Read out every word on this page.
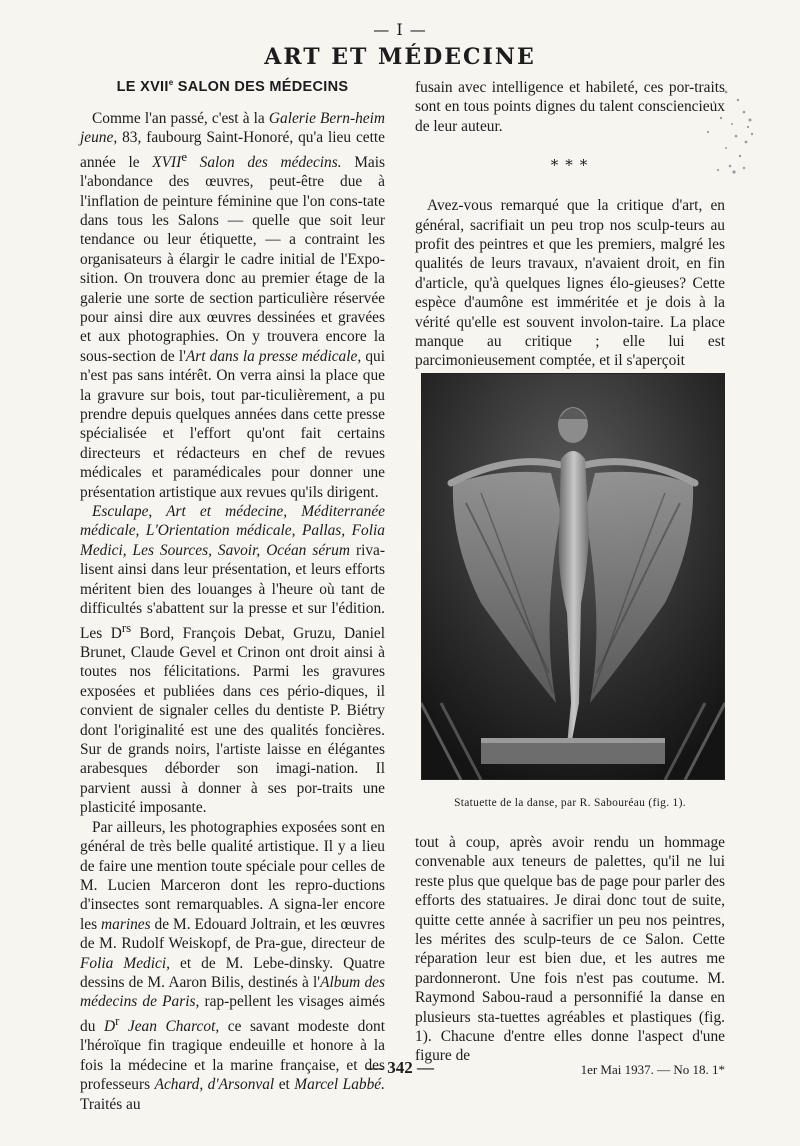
— I —
ART ET MÉDECINE
LE XVIIe SALON DES MÉDECINS

Comme l'an passé, c'est à la Galerie Bern-heim jeune, 83, faubourg Saint-Honoré, qu'a lieu cette année le XVIIe Salon des médecins. Mais l'abondance des œuvres, peut-être due à l'inflation de peinture féminine que l'on cons-tate dans tous les Salons — quelle que soit leur tendance ou leur étiquette, — a contraint les organisateurs à élargir le cadre initial de l'Expo-sition. On trouvera donc au premier étage de la galerie une sorte de section particulière réservée pour ainsi dire aux œuvres dessinées et gravées et aux photographies. On y trouvera encore la sous-section de l'Art dans la presse médicale, qui n'est pas sans intérêt. On verra ainsi la place que la gravure sur bois, tout par-ticulièrement, a pu prendre depuis quelques années dans cette presse spécialisée et l'effort qu'ont fait certains directeurs et rédacteurs en chef de revues médicales et paramédicales pour donner une présentation artistique aux revues qu'ils dirigent.

Esculape, Art et médecine, Méditerranée médicale, L'Orientation médicale, Pallas, Folia Medici, Les Sources, Savoir, Océan sérum riva-lisent ainsi dans leur présentation, et leurs efforts méritent bien des louanges à l'heure où tant de difficultés s'abattent sur la presse et sur l'édition. Les $D^{rs}$ Bord, François Debat, Gruzu, Daniel Brunet, Claude Gevel et Crinon ont droit ainsi à toutes nos félicitations. Parmi les gravures exposées et publiées dans ces pério-diques, il convient de signaler celles du dentiste P. Biétry dont l'originalité est une des qualités foncières. Sur de grands noirs, l'artiste laisse en élégantes arabesques déborder son imagi-nation. Il parvient aussi à donner à ses por-traits une plasticité imposante.

Par ailleurs, les photographies exposées sont en général de très belle qualité artistique. Il y a lieu de faire une mention toute spéciale pour celles de M. Lucien Marceron dont les repro-ductions d'insectes sont remarquables. A signa-ler encore les marines de M. Edouard Joltrain, et les œuvres de M. Rudolf Weiskopf, de Pra-gue, directeur de Folia Medici, et de M. Lebe-dinsky. Quatre dessins de M. Aaron Bilis, destinés à l'Album des médecins de Paris, rap-pellent les visages aimés du $D^r$ Jean Charcot, ce savant modeste dont l'héroïque fin tragique endeuille et honore à la fois la médecine et la marine française, et des professeurs Achard, d'Arsonval et Marcel Labbé. Traités au

fusain avec intelligence et habileté, ces por-traits sont en tous points dignes du talent consciencieux de leur auteur.

* * *

Avez-vous remarqué que la critique d'art, en général, sacrifiait un peu trop nos sculp-teurs au profit des peintres et que les premiers, malgré les qualités de leurs travaux, n'avaient droit, en fin d'article, qu'à quelques lignes élo-gieuses? Cette espèce d'aumône est imméritée et je dois à la vérité qu'elle est souvent involon-taire. La place manque au critique ; elle lui est parcimonieusement comptée, et il s'aperçoit

Statuette de la danse, par R. Sabouréau (fig. 1).

tout à coup, après avoir rendu un hommage convenable aux teneurs de palettes, qu'il ne lui reste plus que quelque bas de page pour parler des efforts des statuaires. Je dirai donc tout de suite, quitte cette année à sacrifier un peu nos peintres, les mérites des sculp-teurs de ce Salon. Cette réparation leur est bien due, et les autres me pardonneront. Une fois n'est pas coutume. M. Raymond Sabou-raud a personnifié la danse en plusieurs sta-tuettes agréables et plastiques (fig. 1). Chacune d'entre elles donne l'aspect d'une figure de

— 342 —	1er Mai 1937. — No 18. 1*
